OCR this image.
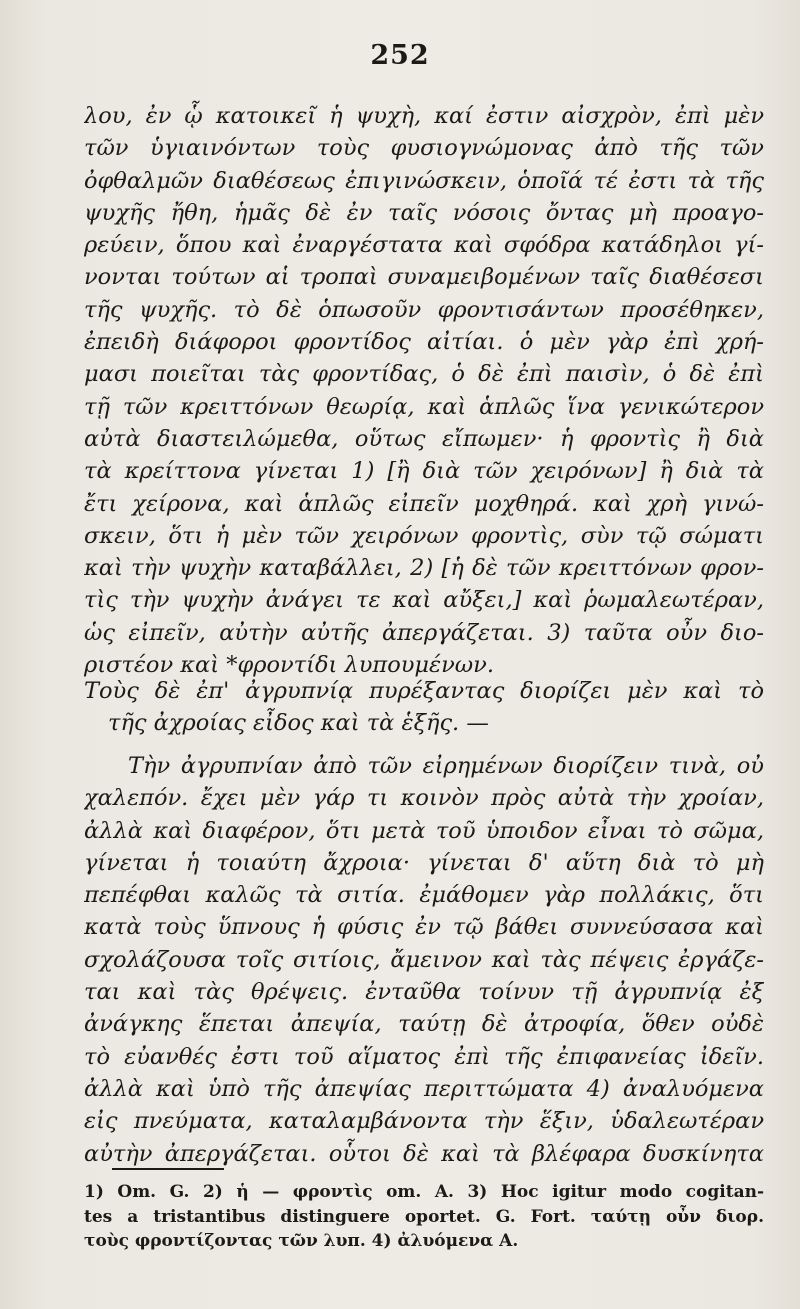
252
λου, ἐν ᾧ κατοικεῖ ἡ ψυχὴ, καί ἐστιν αἰσχρὸν, ἐπὶ μὲν
τῶν ὑγιαινόντων τοὺς φυσιογνώμονας ἀπὸ τῆς τῶν
ὀφθαλμῶν διαθέσεως ἐπιγινώσκειν, ὁποῖά τέ ἐστι τὰ τῆς
ψυχῆς ἤθη, ἡμᾶς δὲ ἐν ταῖς νόσοις ὄντας μὴ προαγο-
ρεύειν, ὅπου καὶ ἐναργέστατα καὶ σφόδρα κατάδηλοι γί-
νονται τούτων αἱ τροπαὶ συναμειβομένων ταῖς διαθέσεσι
τῆς ψυχῆς. τὸ δὲ ὁπωσοῦν φροντισάντων προσέθηκεν,
ἐπειδὴ διάφοροι φροντίδος αἰτίαι. ὁ μὲν γὰρ ἐπὶ χρή-
μασι ποιεῖται τὰς φροντίδας, ὁ δὲ ἐπὶ παισὶν, ὁ δὲ ἐπὶ
τῇ τῶν κρειττόνων θεωρίᾳ, καὶ ἁπλῶς ἵνα γενικώτερον
αὐτὰ διαστειλώμεθα, οὕτως εἴπωμεν· ἡ φροντὶς ἢ διὰ
τὰ κρείττονα γίνεται 1) [ἢ διὰ τῶν χειρόνων] ἢ διὰ τὰ
ἔτι χείρονα, καὶ ἁπλῶς εἰπεῖν μοχθηρά. καὶ χρὴ γινώ-
σκειν, ὅτι ἡ μὲν τῶν χειρόνων φροντὶς, σὺν τῷ σώματι
καὶ τὴν ψυχὴν καταβάλλει, 2) [ἡ δὲ τῶν κρειττόνων φρον-
τὶς τὴν ψυχὴν ἀνάγει τε καὶ αὔξει,] καὶ ῥωμαλεωτέραν,
ὡς εἰπεῖν, αὐτὴν αὐτῆς ἀπεργάζεται. 3) ταῦτα οὖν διο-
ριστέον καὶ *φροντίδι λυπουμένων.
Τοὺς δὲ ἐπ' ἀγρυπνίᾳ πυρέξαντας διορίζει μὲν καὶ τὸ
τῆς ἀχροίας εἶδος καὶ τὰ ἑξῆς. —
Τὴν ἀγρυπνίαν ἀπὸ τῶν εἰρημένων διορίζειν τινὰ, οὐ
χαλεπόν. ἔχει μὲν γάρ τι κοινὸν πρὸς αὐτὰ τὴν χροίαν,
ἀλλὰ καὶ διαφέρον, ὅτι μετὰ τοῦ ὑποιδον εἶναι τὸ σῶμα,
γίνεται ἡ τοιαύτη ἄχροια· γίνεται δ' αὕτη διὰ τὸ μὴ
πεπέφθαι καλῶς τὰ σιτία. ἐμάθομεν γὰρ πολλάκις, ὅτι
κατὰ τοὺς ὕπνους ἡ φύσις ἐν τῷ βάθει συννεύσασα καὶ
σχολάζουσα τοῖς σιτίοις, ἄμεινον καὶ τὰς πέψεις ἐργάζε-
ται καὶ τὰς θρέψεις. ἐνταῦθα τοίνυν τῇ ἀγρυπνίᾳ ἐξ
ἀνάγκης ἕπεται ἀπεψία, ταύτῃ δὲ ἀτροφία, ὅθεν οὐδὲ
τὸ εὐανθές ἐστι τοῦ αἵματος ἐπὶ τῆς ἐπιφανείας ἰδεῖν.
ἀλλὰ καὶ ὑπὸ τῆς ἀπεψίας περιττώματα 4) ἀναλυόμενα
εἰς πνεύματα, καταλαμβάνοντα τὴν ἕξιν, ὑδαλεωτέραν
αὐτὴν ἀπεργάζεται. οὗτοι δὲ καὶ τὰ βλέφαρα δυσκίνητα
1) Om. G. 2) ἡ — φροντὶς om. A. 3) Hoc igitur modo cogitan-
tes a tristantibus distinguere oportet. G. Fort. ταύτῃ οὖν διορ.
τοὺς φροντίζοντας τῶν λυπ. 4) ἀλυόμενα A.
